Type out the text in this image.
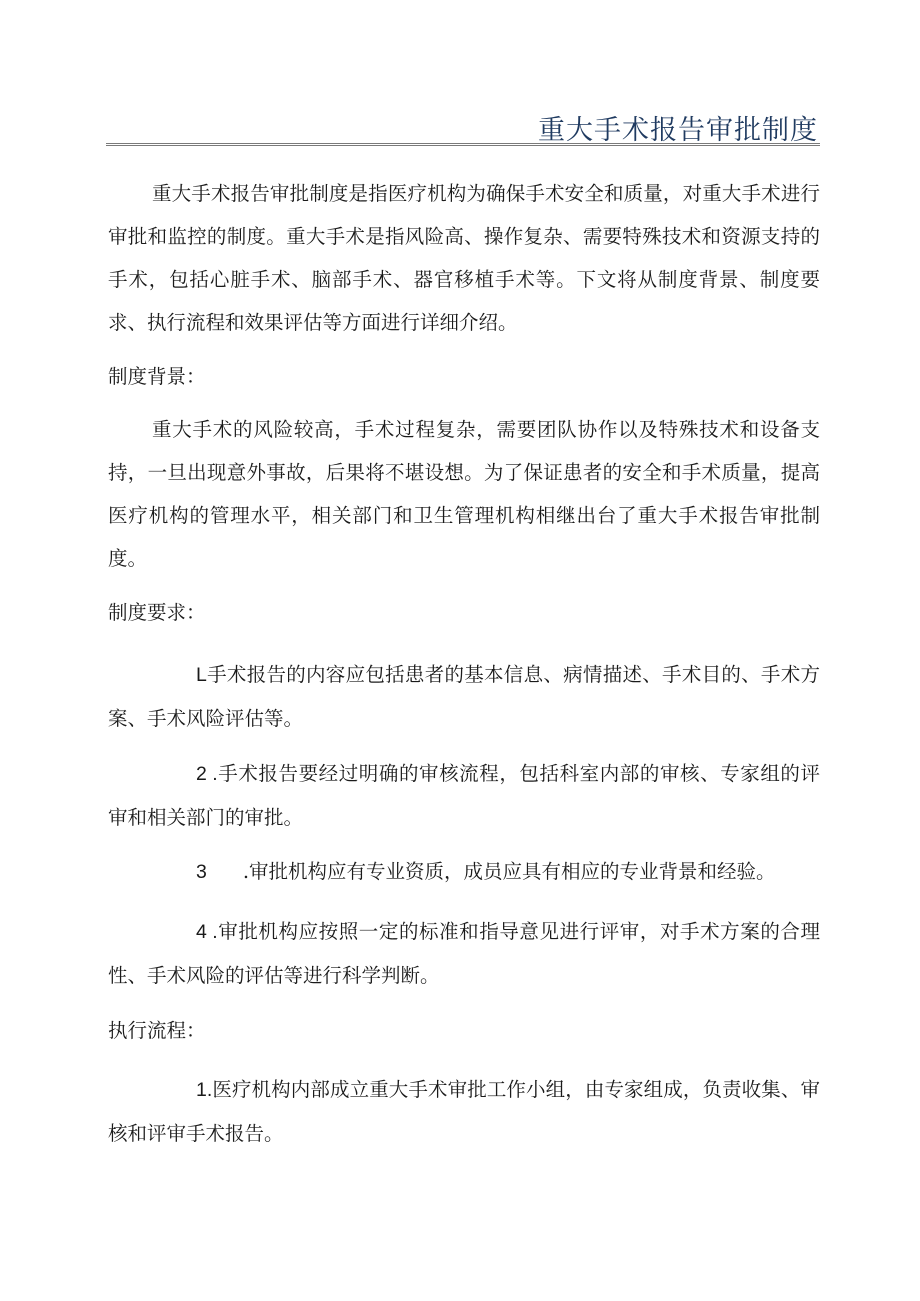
重大手术报告审批制度

重大手术报告审批制度是指医疗机构为确保手术安全和质量，对重大手术进行审批和监控的制度。重大手术是指风险高、操作复杂、需要特殊技术和资源支持的手术，包括心脏手术、脑部手术、器官移植手术等。下文将从制度背景、制度要求、执行流程和效果评估等方面进行详细介绍。

制度背景：

重大手术的风险较高，手术过程复杂，需要团队协作以及特殊技术和设备支持，一旦出现意外事故，后果将不堪设想。为了保证患者的安全和手术质量，提高医疗机构的管理水平，相关部门和卫生管理机构相继出台了重大手术报告审批制度。

制度要求：

L手术报告的内容应包括患者的基本信息、病情描述、手术目的、手术方案、手术风险评估等。

2 .手术报告要经过明确的审核流程，包括科室内部的审核、专家组的评审和相关部门的审批。

3 .审批机构应有专业资质，成员应具有相应的专业背景和经验。

4 .审批机构应按照一定的标准和指导意见进行评审，对手术方案的合理性、手术风险的评估等进行科学判断。

执行流程：

1.医疗机构内部成立重大手术审批工作小组，由专家组成，负责收集、审核和评审手术报告。
